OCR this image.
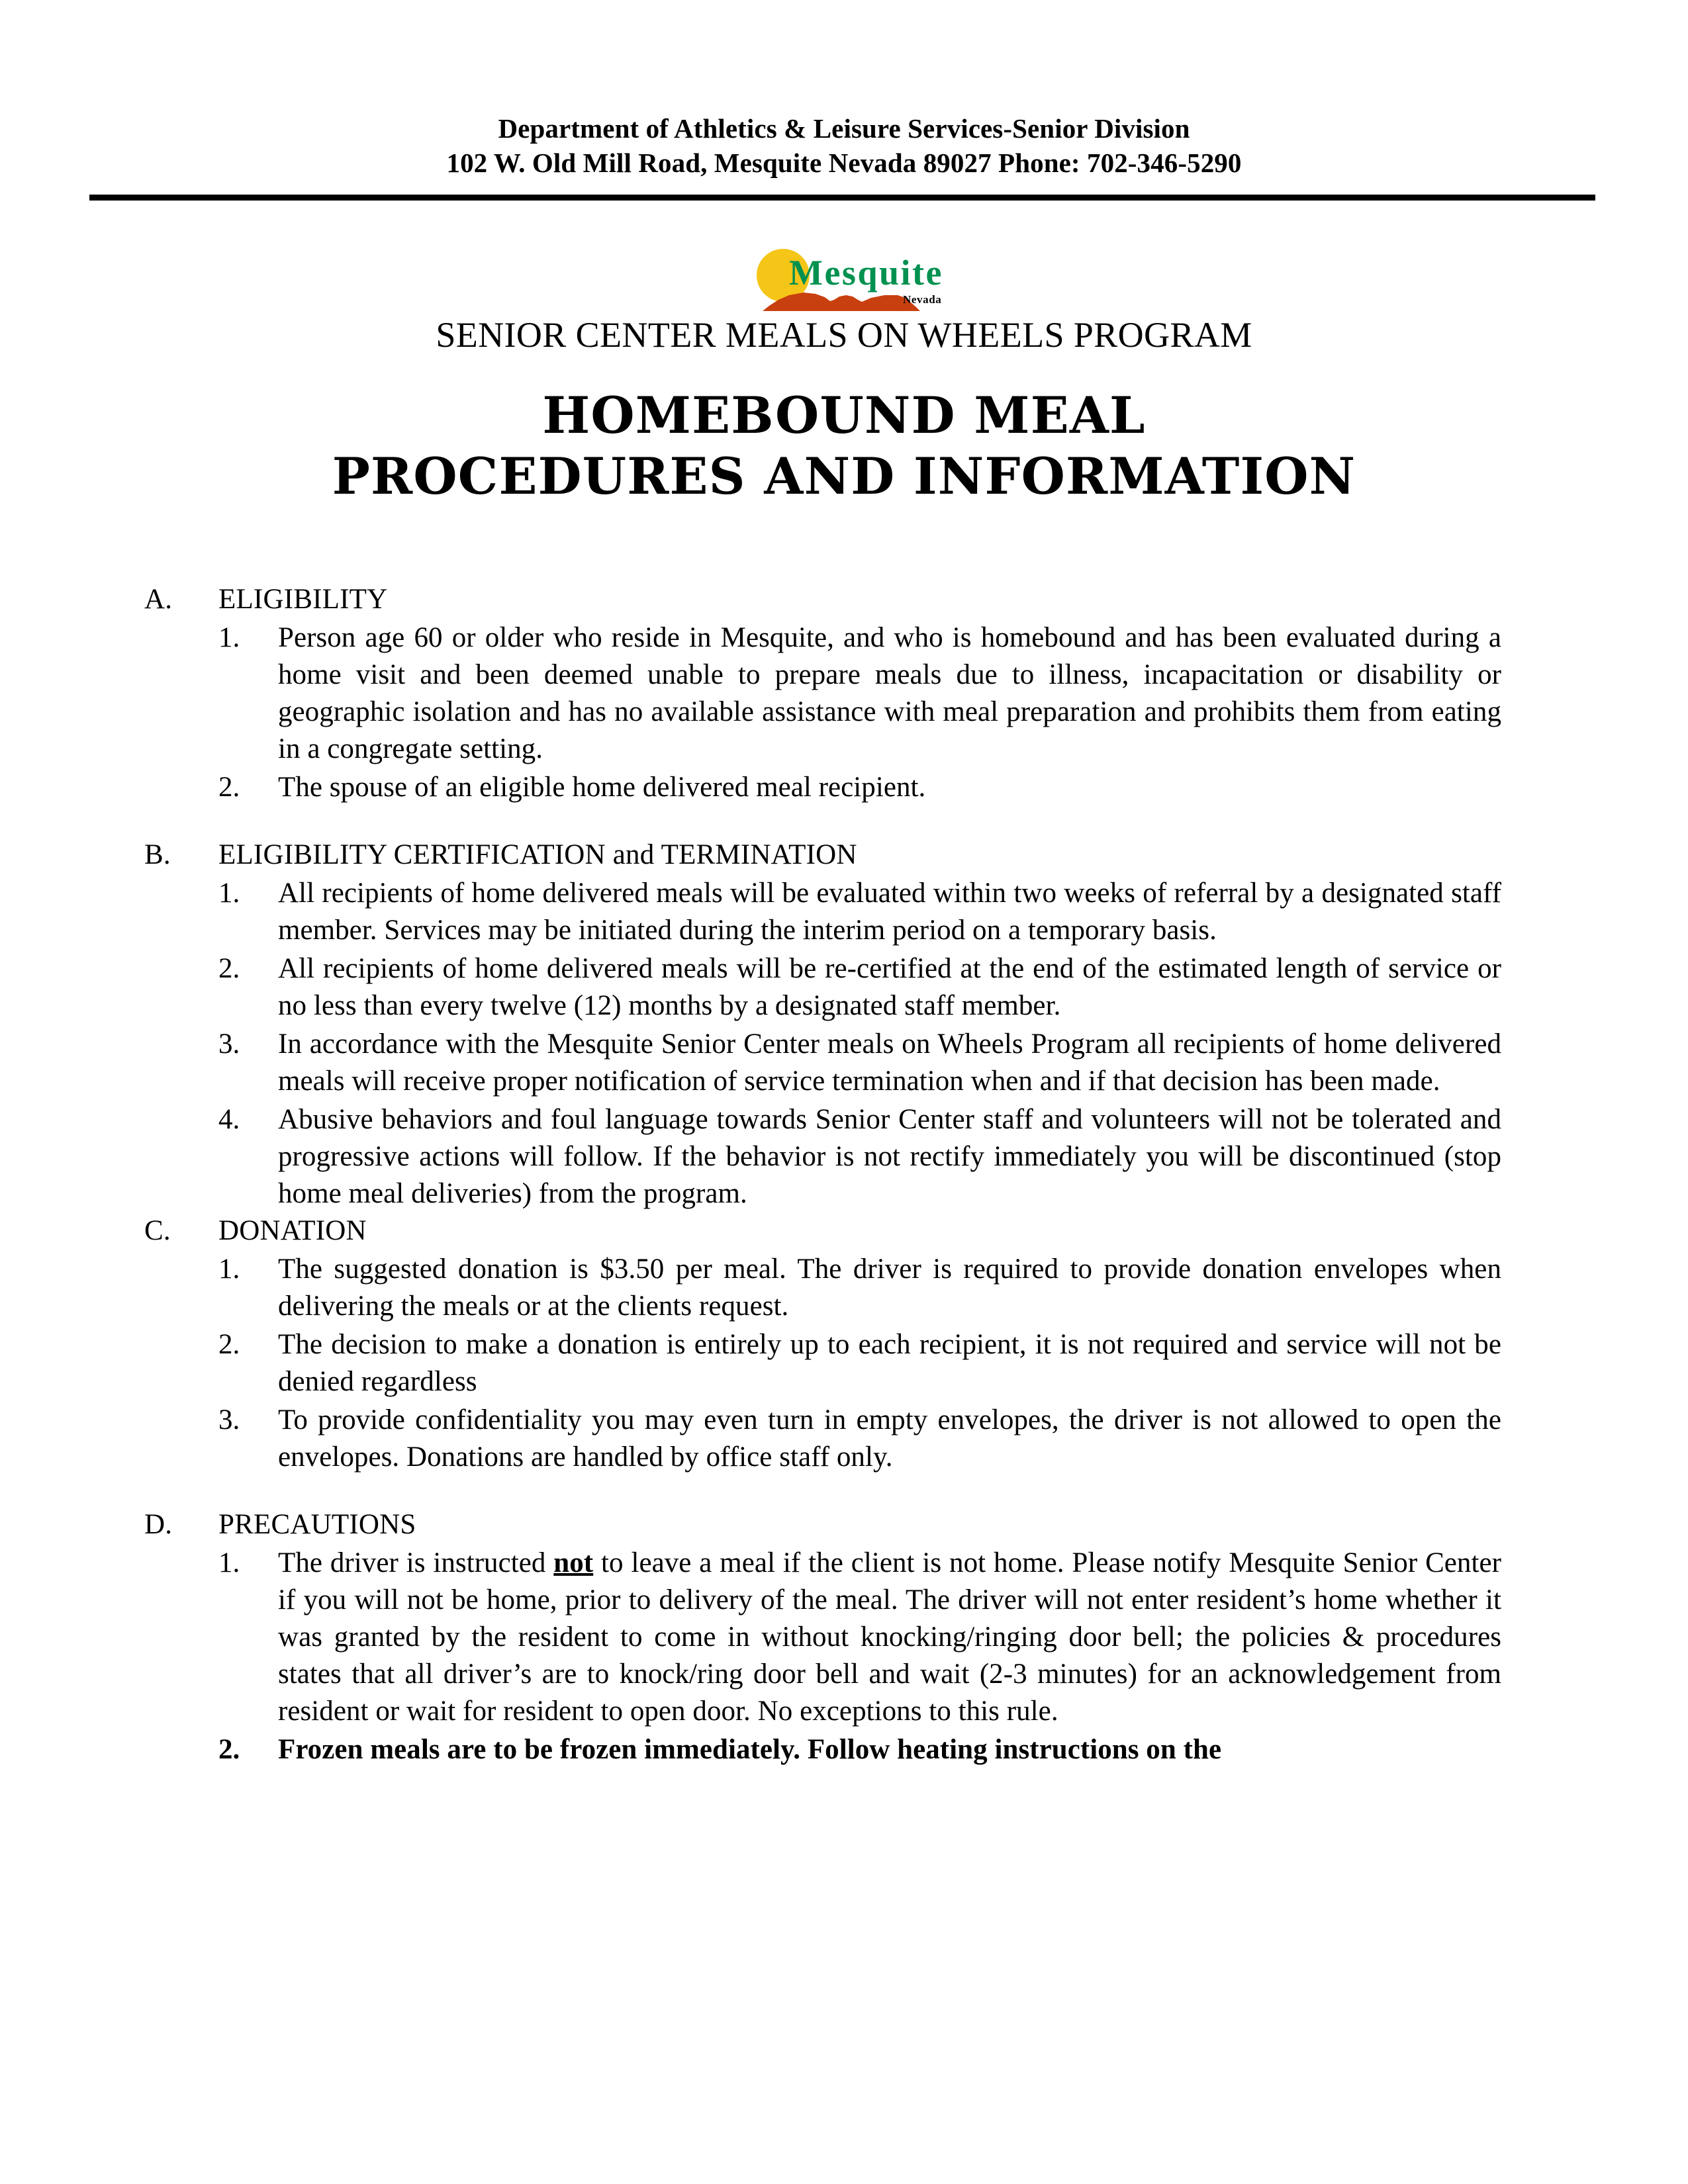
Department of Athletics & Leisure Services-Senior Division
102 W. Old Mill Road, Mesquite Nevada 89027 Phone: 702-346-5290
Mesquite
Nevada
SENIOR CENTER MEALS ON WHEELS PROGRAM
HOMEBOUND MEAL
PROCEDURES AND INFORMATION
A.	ELIGIBILITY
1.	Person age 60 or older who reside in Mesquite, and who is homebound and has been evaluated during a home visit and been deemed unable to prepare meals due to illness, incapacitation or disability or geographic isolation and has no available assistance with meal preparation and prohibits them from eating in a congregate setting.
2.	The spouse of an eligible home delivered meal recipient.
B.	ELIGIBILITY CERTIFICATION and TERMINATION
1.	All recipients of home delivered meals will be evaluated within two weeks of referral by a designated staff member. Services may be initiated during the interim period on a temporary basis.
2.	All recipients of home delivered meals will be re-certified at the end of the estimated length of service or no less than every twelve (12) months by a designated staff member.
3.	In accordance with the Mesquite Senior Center meals on Wheels Program all recipients of home delivered meals will receive proper notification of service termination when and if that decision has been made.
4.	Abusive behaviors and foul language towards Senior Center staff and volunteers will not be tolerated and progressive actions will follow. If the behavior is not rectify immediately you will be discontinued (stop home meal deliveries) from the program.
C.	DONATION
1.	The suggested donation is $3.50 per meal. The driver is required to provide donation envelopes when delivering the meals or at the clients request.
2.	The decision to make a donation is entirely up to each recipient, it is not required and service will not be denied regardless
3.	To provide confidentiality you may even turn in empty envelopes, the driver is not allowed to open the envelopes. Donations are handled by office staff only.
D.	PRECAUTIONS
1.	The driver is instructed not to leave a meal if the client is not home. Please notify Mesquite Senior Center if you will not be home, prior to delivery of the meal. The driver will not enter resident’s home whether it was granted by the resident to come in without knocking/ringing door bell; the policies & procedures states that all driver’s are to knock/ring door bell and wait (2-3 minutes) for an acknowledgement from resident or wait for resident to open door. No exceptions to this rule.
2.	Frozen meals are to be frozen immediately. Follow heating instructions on the
